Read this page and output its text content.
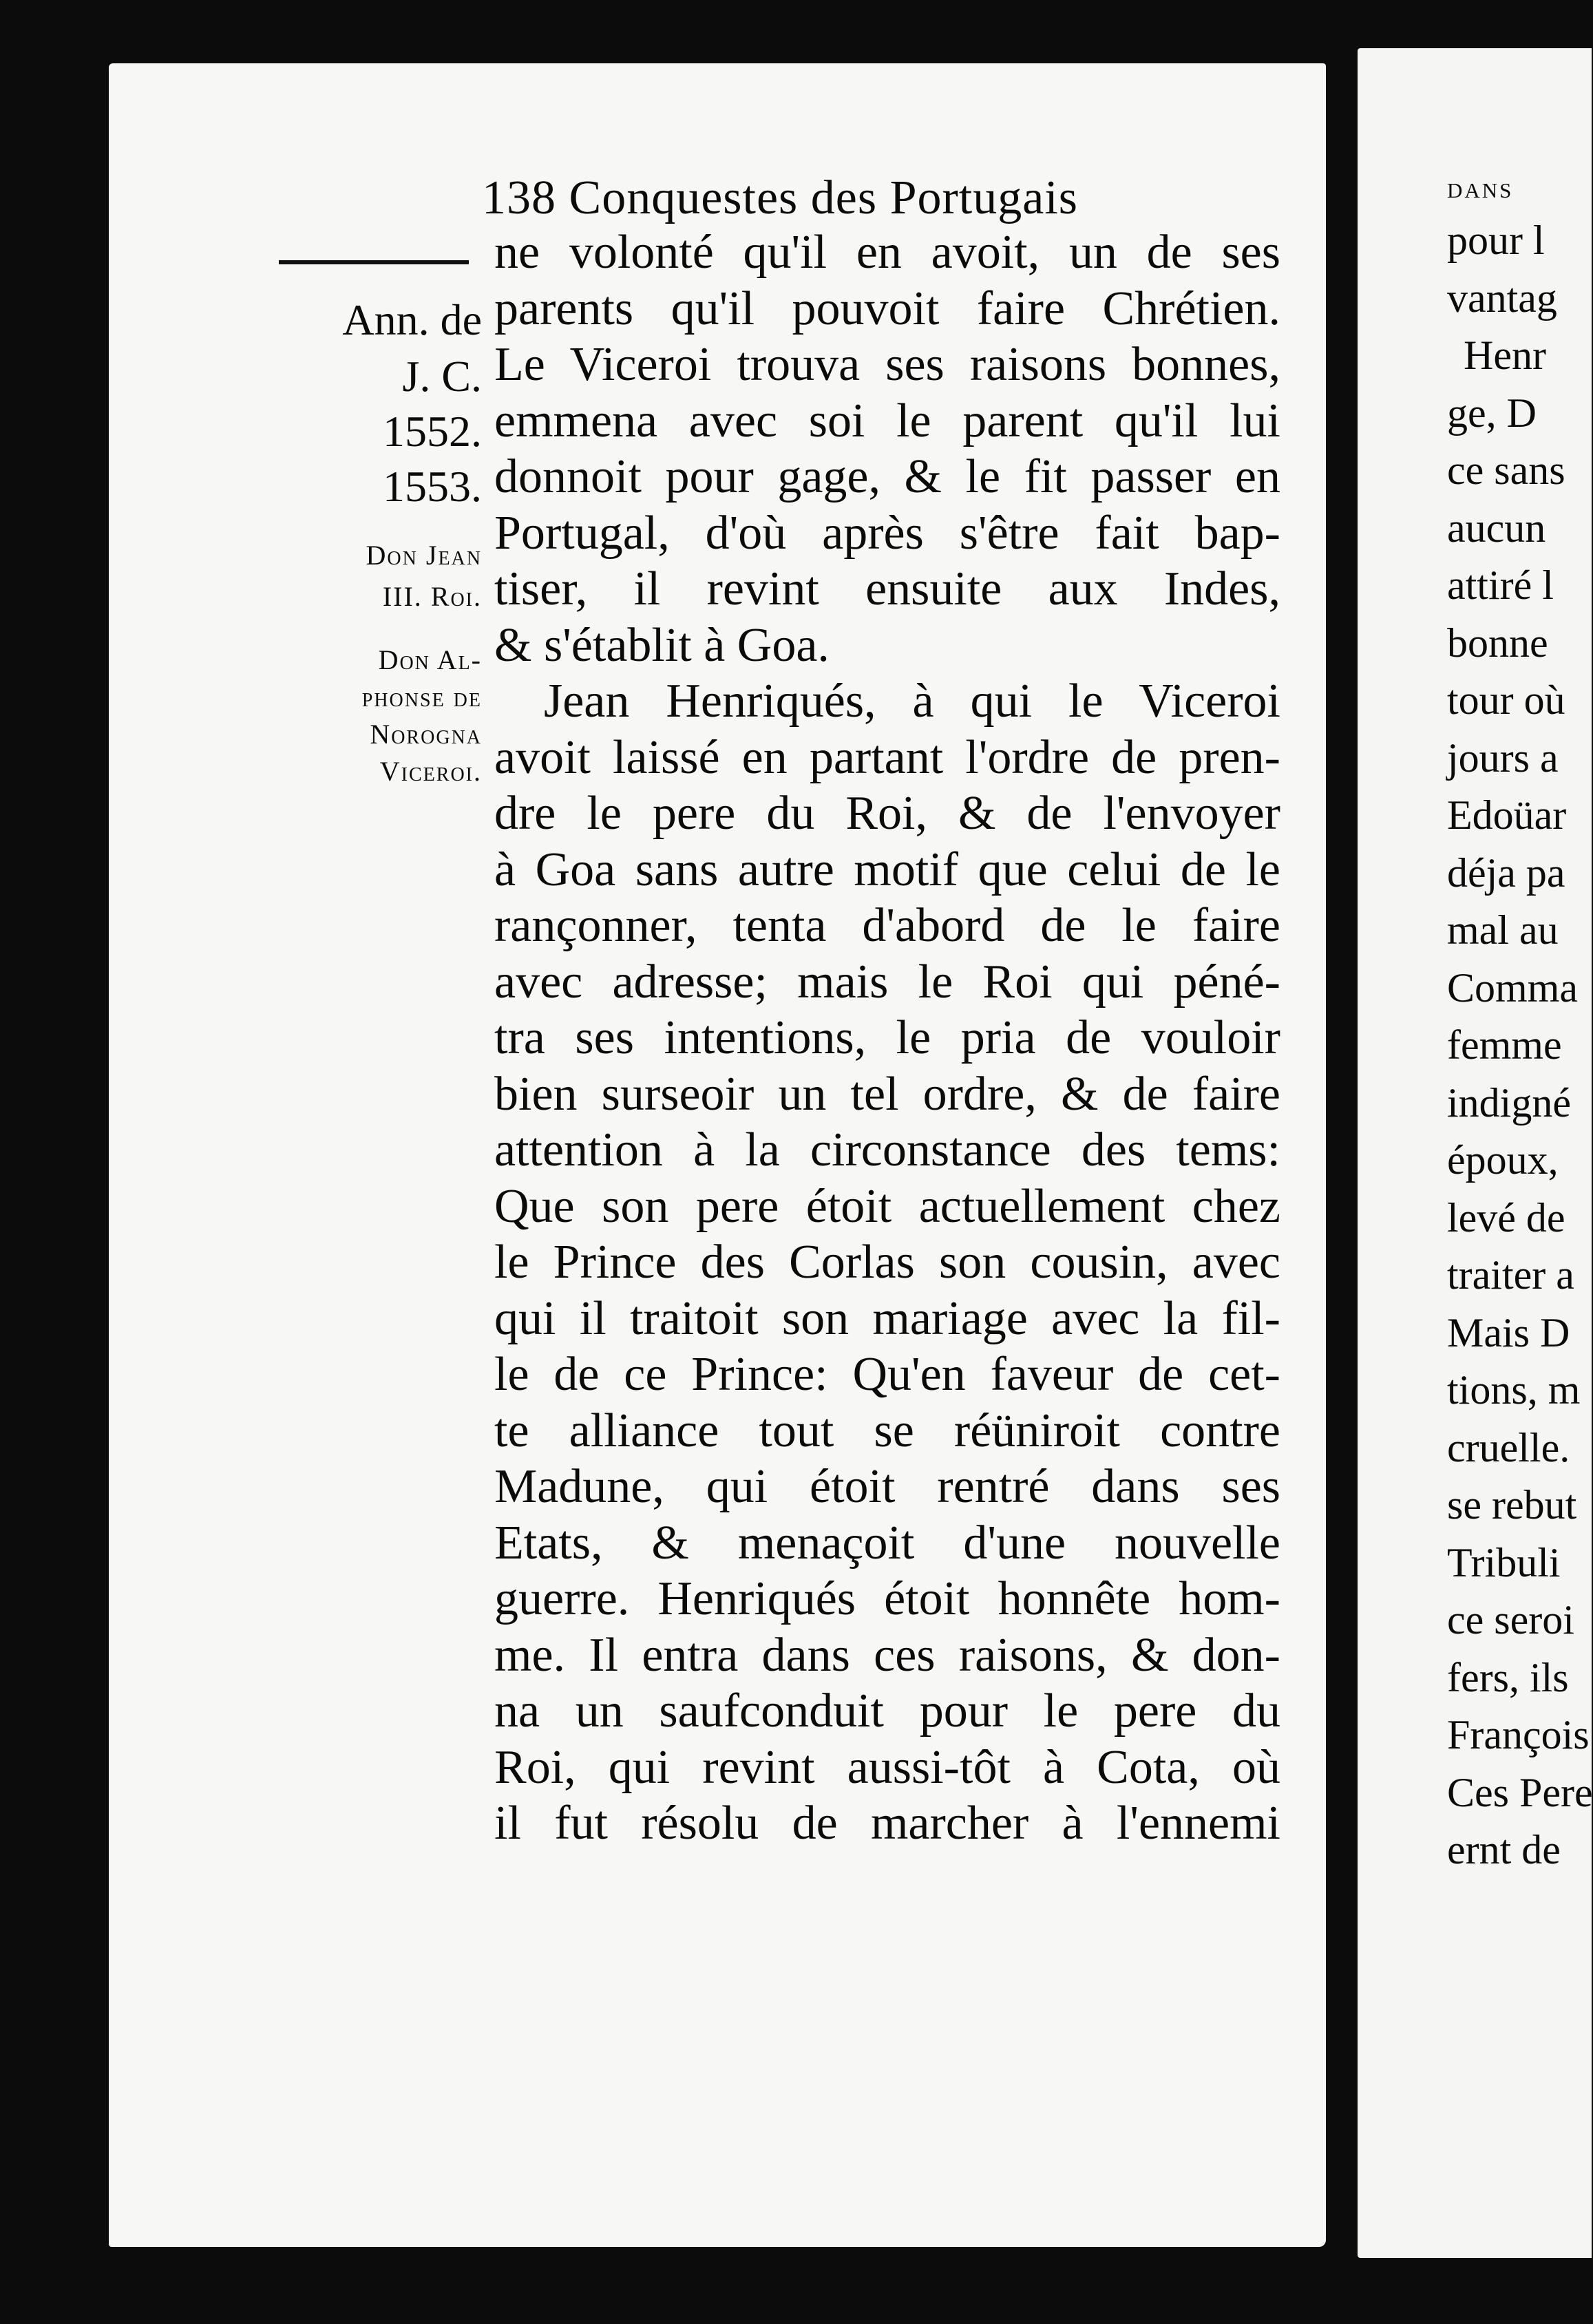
138 Conquestes des Portugais
Ann. de
J. C.
1552.
1553.
Don Jean
III. Roi.
Don Al-
phonse de
Norogna
Viceroi.
ne volonté qu'il en avoit, un de ses
parents qu'il pouvoit faire Chrétien.
Le Viceroi trouva ses raisons bonnes,
emmena avec soi le parent qu'il lui
donnoit pour gage, & le fit passer en
Portugal, d'où après s'être fait bap-
tiser, il revint ensuite aux Indes,
& s'établit à Goa.
Jean Henriqués, à qui le Viceroi
avoit laissé en partant l'ordre de pren-
dre le pere du Roi, & de l'envoyer
à Goa sans autre motif que celui de le
rançonner, tenta d'abord de le faire
avec adresse; mais le Roi qui péné-
tra ses intentions, le pria de vouloir
bien surseoir un tel ordre, & de faire
attention à la circonstance des tems:
Que son pere étoit actuellement chez
le Prince des Corlas son cousin, avec
qui il traitoit son mariage avec la fil-
le de ce Prince: Qu'en faveur de cet-
te alliance tout se réüniroit contre
Madune, qui étoit rentré dans ses
Etats, & menaçoit d'une nouvelle
guerre. Henriqués étoit honnête hom-
me. Il entra dans ces raisons, & don-
na un saufconduit pour le pere du
Roi, qui revint aussi-tôt à Cota, où
il fut résolu de marcher à l'ennemi
dans
pour l
vantag
Henr
ge, D
ce sans
aucun
attiré l
bonne
tour où
jours a
Edoüar
déja pa
mal au
Comma
femme
indigné
époux,
levé de
traiter a
Mais D
tions, m
cruelle.
se rebut
Tribuli
ce seroi
fers, ils
François
Ces Pere
ernt de
